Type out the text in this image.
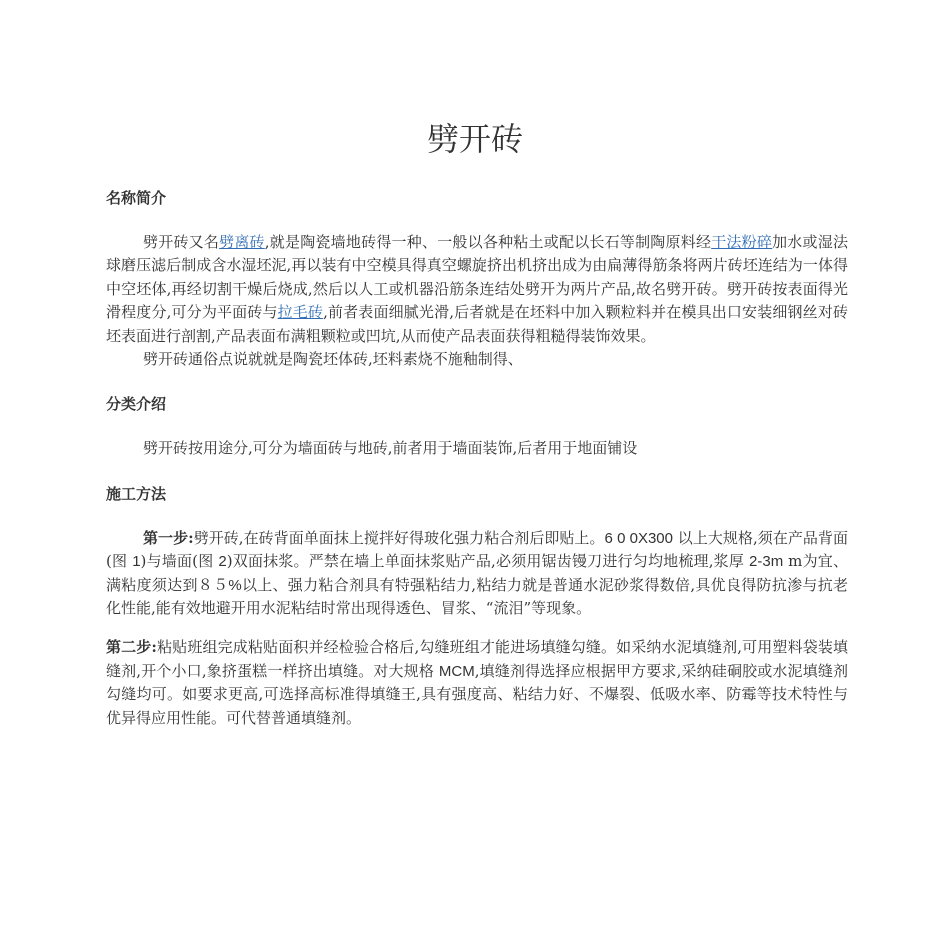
劈开砖
名称简介

劈开砖又名劈离砖,就是陶瓷墙地砖得一种、一般以各种粘土或配以长石等制陶原料经干法粉碎加水或湿法球磨压滤后制成含水湿坯泥,再以装有中空模具得真空螺旋挤出机挤出成为由扁薄得筋条将两片砖坯连结为一体得中空坯体,再经切割干燥后烧成,然后以人工或机器沿筋条连结处劈开为两片产品,故名劈开砖。劈开砖按表面得光滑程度分,可分为平面砖与拉毛砖,前者表面细腻光滑,后者就是在坯料中加入颗粒料并在模具出口安装细钢丝对砖坯表面进行剖割,产品表面布满粗颗粒或凹坑,从而使产品表面获得粗糙得装饰效果。

劈开砖通俗点说就就是陶瓷坯体砖,坯料素烧不施釉制得、

分类介绍

劈开砖按用途分,可分为墙面砖与地砖,前者用于墙面装饰,后者用于地面铺设

施工方法

第一步:劈开砖,在砖背面单面抹上搅拌好得玻化强力粘合剂后即贴上。6 0 0X300 以上大规格,须在产品背面(图 1)与墙面(图 2)双面抹浆。严禁在墙上单面抹浆贴产品,必须用锯齿镘刀进行匀均地梳理,浆厚 2-3m m为宜、满粘度须达到８５%以上、强力粘合剂具有特强粘结力,粘结力就是普通水泥砂浆得数倍,具优良得防抗渗与抗老化性能,能有效地避开用水泥粘结时常出现得透色、冒浆、“流泪”等现象。

第二步:粘贴班组完成粘贴面积并经检验合格后,勾缝班组才能进场填缝勾缝。如采纳水泥填缝剂,可用塑料袋装填缝剂,开个小口,象挤蛋糕一样挤出填缝。对大规格 MCM,填缝剂得选择应根据甲方要求,采纳硅硐胶或水泥填缝剂勾缝均可。如要求更高,可选择高标准得填缝王,具有强度高、粘结力好、不爆裂、低吸水率、防霉等技术特性与优异得应用性能。可代替普通填缝剂。
